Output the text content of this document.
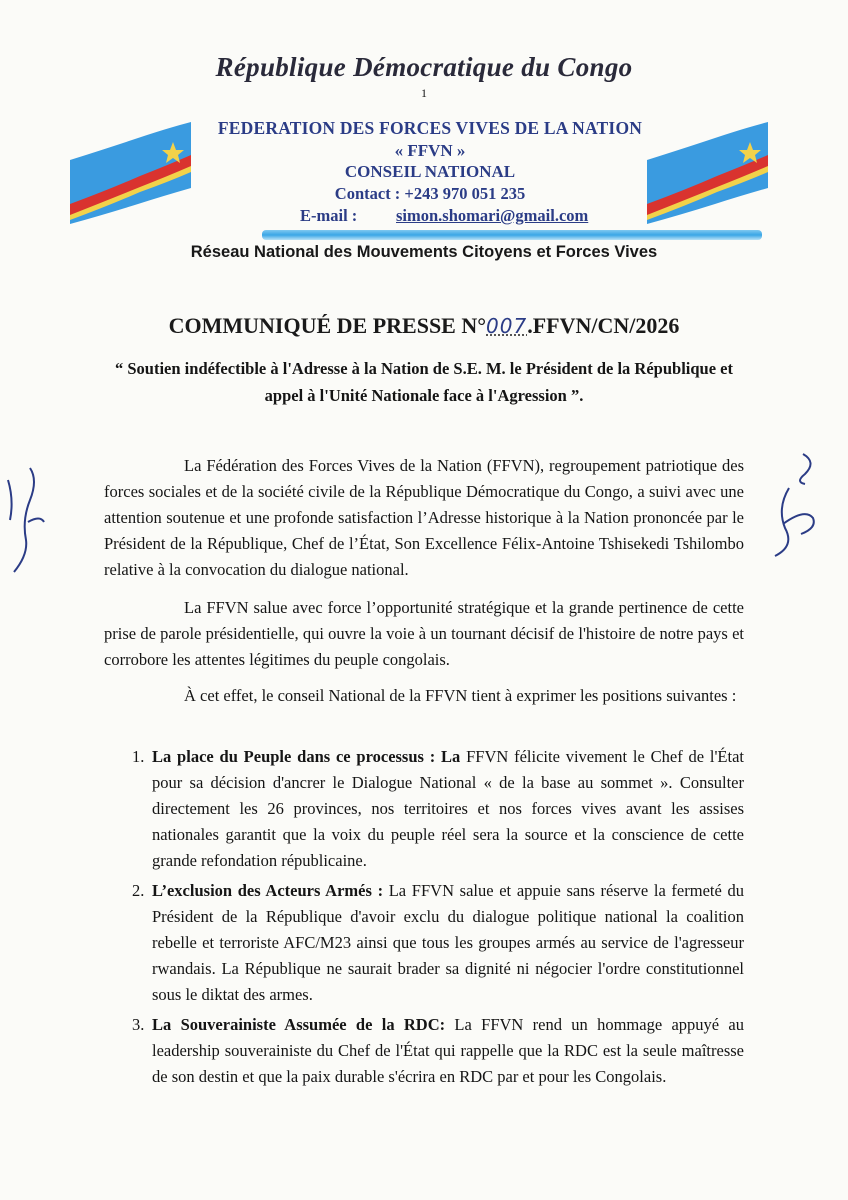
République Démocratique du Congo
1
FEDERATION DES FORCES VIVES DE LA NATION
« FFVN »
CONSEIL NATIONAL
Contact : +243 970 051 235
E-mail : simon.shomari@gmail.com
Réseau National des Mouvements Citoyens et Forces Vives
COMMUNIQUÉ DE PRESSE N°007.FFVN/CN/2026
“ Soutien indéfectible à l'Adresse à la Nation de S.E. M. le Président de la République et appel à l'Unité Nationale face à l'Agression ”.
La Fédération des Forces Vives de la Nation (FFVN), regroupement patriotique des forces sociales et de la société civile de la République Démocratique du Congo, a suivi avec une attention soutenue et une profonde satisfaction l’Adresse historique à la Nation prononcée par le Président de la République, Chef de l’État, Son Excellence Félix-Antoine Tshisekedi Tshilombo relative à la convocation du dialogue national.
La FFVN salue avec force l’opportunité stratégique et la grande pertinence de cette prise de parole présidentielle, qui ouvre la voie à un tournant décisif de l'histoire de notre pays et corrobore les attentes légitimes du peuple congolais.
À cet effet, le conseil National de la FFVN tient à exprimer les positions suivantes :
1. La place du Peuple dans ce processus : La FFVN félicite vivement le Chef de l'État pour sa décision d'ancrer le Dialogue National « de la base au sommet ». Consulter directement les 26 provinces, nos territoires et nos forces vives avant les assises nationales garantit que la voix du peuple réel sera la source et la conscience de cette grande refondation républicaine.
2. L’exclusion des Acteurs Armés : La FFVN salue et appuie sans réserve la fermeté du Président de la République d'avoir exclu du dialogue politique national la coalition rebelle et terroriste AFC/M23 ainsi que tous les groupes armés au service de l'agresseur rwandais. La République ne saurait brader sa dignité ni négocier l'ordre constitutionnel sous le diktat des armes.
3. La Souverainiste Assumée de la RDC: La FFVN rend un hommage appuyé au leadership souverainiste du Chef de l'État qui rappelle que la RDC est la seule maîtresse de son destin et que la paix durable s'écrira en RDC par et pour les Congolais.
